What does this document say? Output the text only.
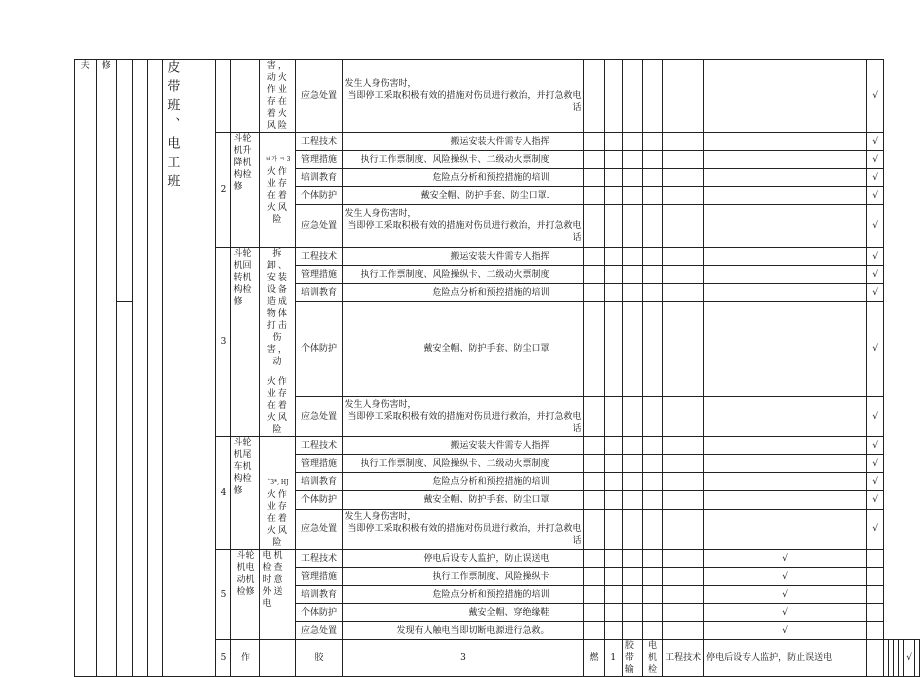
夫	修				皮带班、电工班			害，动火作业存在着火风险	应急处置	发生人身伤害时，
当即停工采取积极有效的措施对伤员进行救治，并打急救电话							√						
						2	斗轮机升降机构检修	ㅂ가 ㅋ 3
火作业存在着火风险	工程技术	搬运安装大件需专人指挥							√						
									管理措施	执行工作票制度、风险操纵卡、二级动火票制度							√						
									培训教育	危险点分析和预控措施的培训							√						
									个体防护	戴安全帽、防护手套、防尘口罩.							√						
									应急处置	发生人身伤害时，
当即停工采取积极有效的措施对伤员进行救治，并打急救电话							√						
						3	斗轮机回转机构检修	拆卸、安装设备造成物体打击伤害，动
火作业存在着火风险	工程技术	搬运安装大件需专人指挥							√						
									管理措施	执行工作票制度、风险操纵卡、二级动火票制度							√						
									培训教育	危险点分析和预控措施的培训							√						
									个体防护	戴安全帽、防护手套、防尘口罩							√						
									应急处置	发生人身伤害时，
当即停工采取积极有效的措施对伤员进行救治，并打急救电话							√						
						4	斗轮机尾车机构检修	ˆ3*, HJ
火作业存在着火风险	工程技术	搬运安装大件需专人指挥							√						
									管理措施	执行工作票制度、风险操纵卡、二级动火票制度							√						
									培训教育	危险点分析和预控措施的培训							√						
									个体防护	戴安全帽、防护手套、防尘口罩							√						
									应急处置	发生人身伤害时，
当即停工采取积极有效的措施对伤员进行救治，并打急救电话							√						
						5	斗轮机电动机检修	电机检查时意外送电	工程技术	停电后设专人监护，防止误送电						√							
									管理措施	执行工作票制度、风险操纵卡						√							
									培训教育	危险点分析和预控措施的培训						√							
									个体防护	戴安全帽、穿绝缘鞋						√							
									应急处置	发现有人触电当即切断电源进行急救。						√							
						5	作		胶	3	燃	1	胶带输	电机检	工程技术	停电后设专人监护，防止误送电						√	
